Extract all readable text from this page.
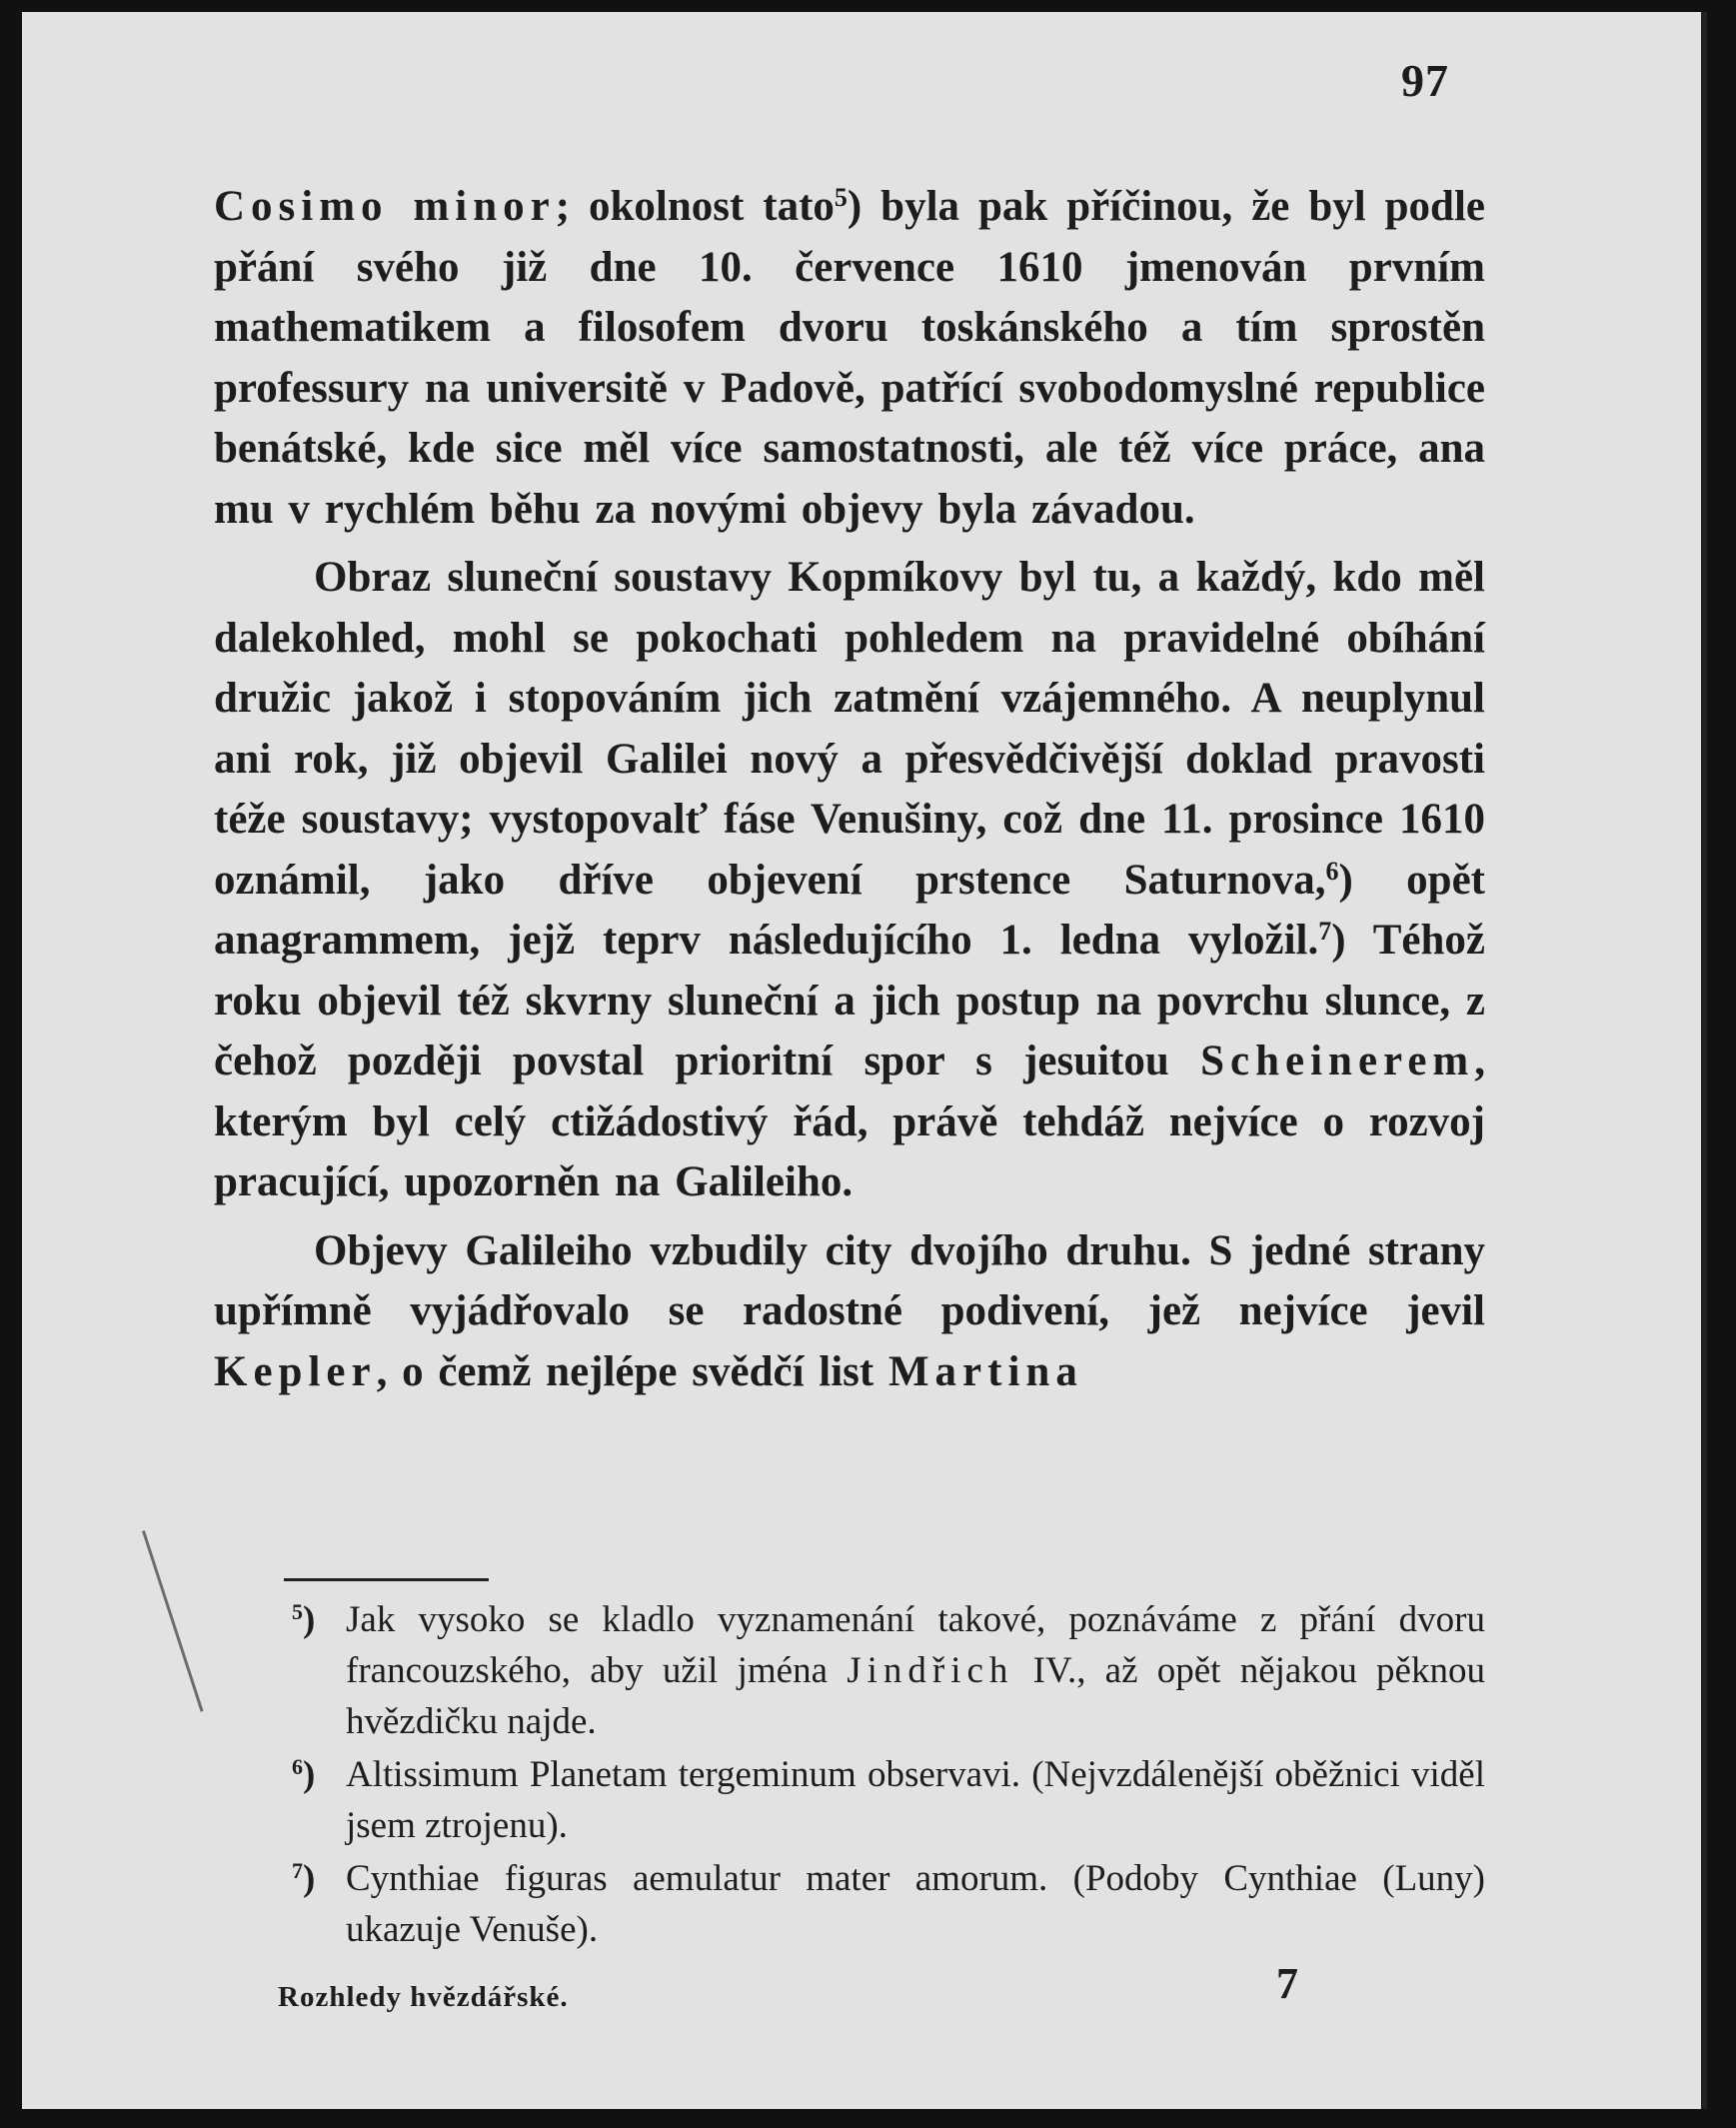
97

Cosimo minor; okolnost tato$^5$) byla pak příčinou, že byl podle přání svého již dne 10. července 1610 jmenován prvním mathematikem a filosofem dvoru toskánského a tím sprostěn professury na universitě v Padově, patřící svobodomyslné republice benátské, kde sice měl více samostatnosti, ale též více práce, ana mu v rychlém běhu za novými objevy byla závadou.

Obraz sluneční soustavy Kopmíkovy byl tu, a každý, kdo měl dalekohled, mohl se pokochati pohledem na pravidelné obíhání družic jakož i stopováním jich zatmění vzájemného. A neuplynul ani rok, již objevil Galilei nový a přesvědčivější doklad pravosti téže soustavy; vystopovalť fáse Venušiny, což dne 11. prosince 1610 oznámil, jako dříve objevení prstence Saturnova,$^6$) opět anagrammem, jejž teprv následujícího 1. ledna vyložil.$^7$) Téhož roku objevil též skvrny sluneční a jich postup na povrchu slunce, z čehož později povstal prioritní spor s jesuitou Scheinerem, kterým byl celý ctižádostivý řád, právě tehdáž nejvíce o rozvoj pracující, upozorněn na Galileiho.

Objevy Galileiho vzbudily city dvojího druhu. S jedné strany upřímně vyjádřovalo se radostné podivení, jež nejvíce jevil Kepler, o čemž nejlépe svědčí list Martina

$^5$) Jak vysoko se kladlo vyznamenání takové, poznáváme z přání dvoru francouzského, aby užil jména Jindřich IV., až opět nějakou pěknou hvězdičku najde.
$^6$) Altissimum Planetam tergeminum observavi. (Nejvzdálenější oběžnici viděl jsem ztrojenu).
$^7$) Cynthiae figuras aemulatur mater amorum. (Podoby Cynthiae (Luny) ukazuje Venuše).
Rozhledy hvězdářské.	7
